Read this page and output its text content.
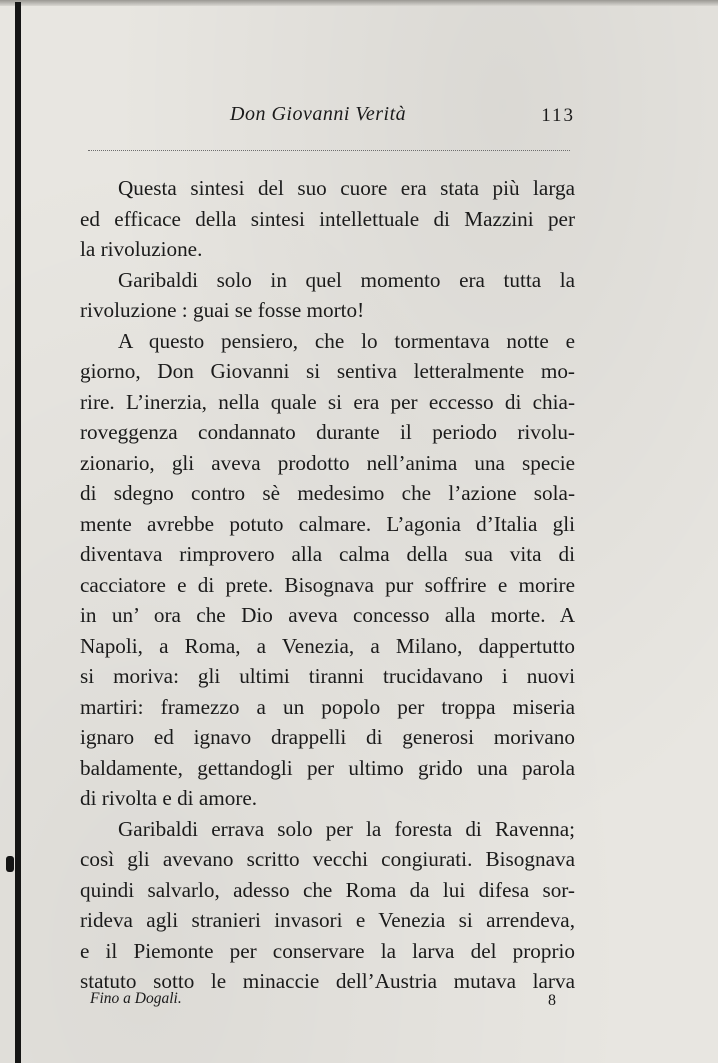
Don Giovanni Verità	113
Questa sintesi del suo cuore era stata più larga
ed efficace della sintesi intellettuale di Mazzini per
la rivoluzione.
Garibaldi solo in quel momento era tutta la
rivoluzione : guai se fosse morto!
A questo pensiero, che lo tormentava notte e
giorno, Don Giovanni si sentiva letteralmente mo-
rire. L’inerzia, nella quale si era per eccesso di chia-
roveggenza condannato durante il periodo rivolu-
zionario, gli aveva prodotto nell’anima una specie
di sdegno contro sè medesimo che l’azione sola-
mente avrebbe potuto calmare. L’agonia d’Italia gli
diventava rimprovero alla calma della sua vita di
cacciatore e di prete. Bisognava pur soffrire e morire
in un’ ora che Dio aveva concesso alla morte. A
Napoli, a Roma, a Venezia, a Milano, dappertutto
si moriva: gli ultimi tiranni trucidavano i nuovi
martiri: framezzo a un popolo per troppa miseria
ignaro ed ignavo drappelli di generosi morivano
baldamente, gettandogli per ultimo grido una parola
di rivolta e di amore.
Garibaldi errava solo per la foresta di Ravenna;
così gli avevano scritto vecchi congiurati. Bisognava
quindi salvarlo, adesso che Roma da lui difesa sor-
rideva agli stranieri invasori e Venezia si arrendeva,
e il Piemonte per conservare la larva del proprio
statuto sotto le minaccie dell’Austria mutava larva
Fino a Dogali.	8
